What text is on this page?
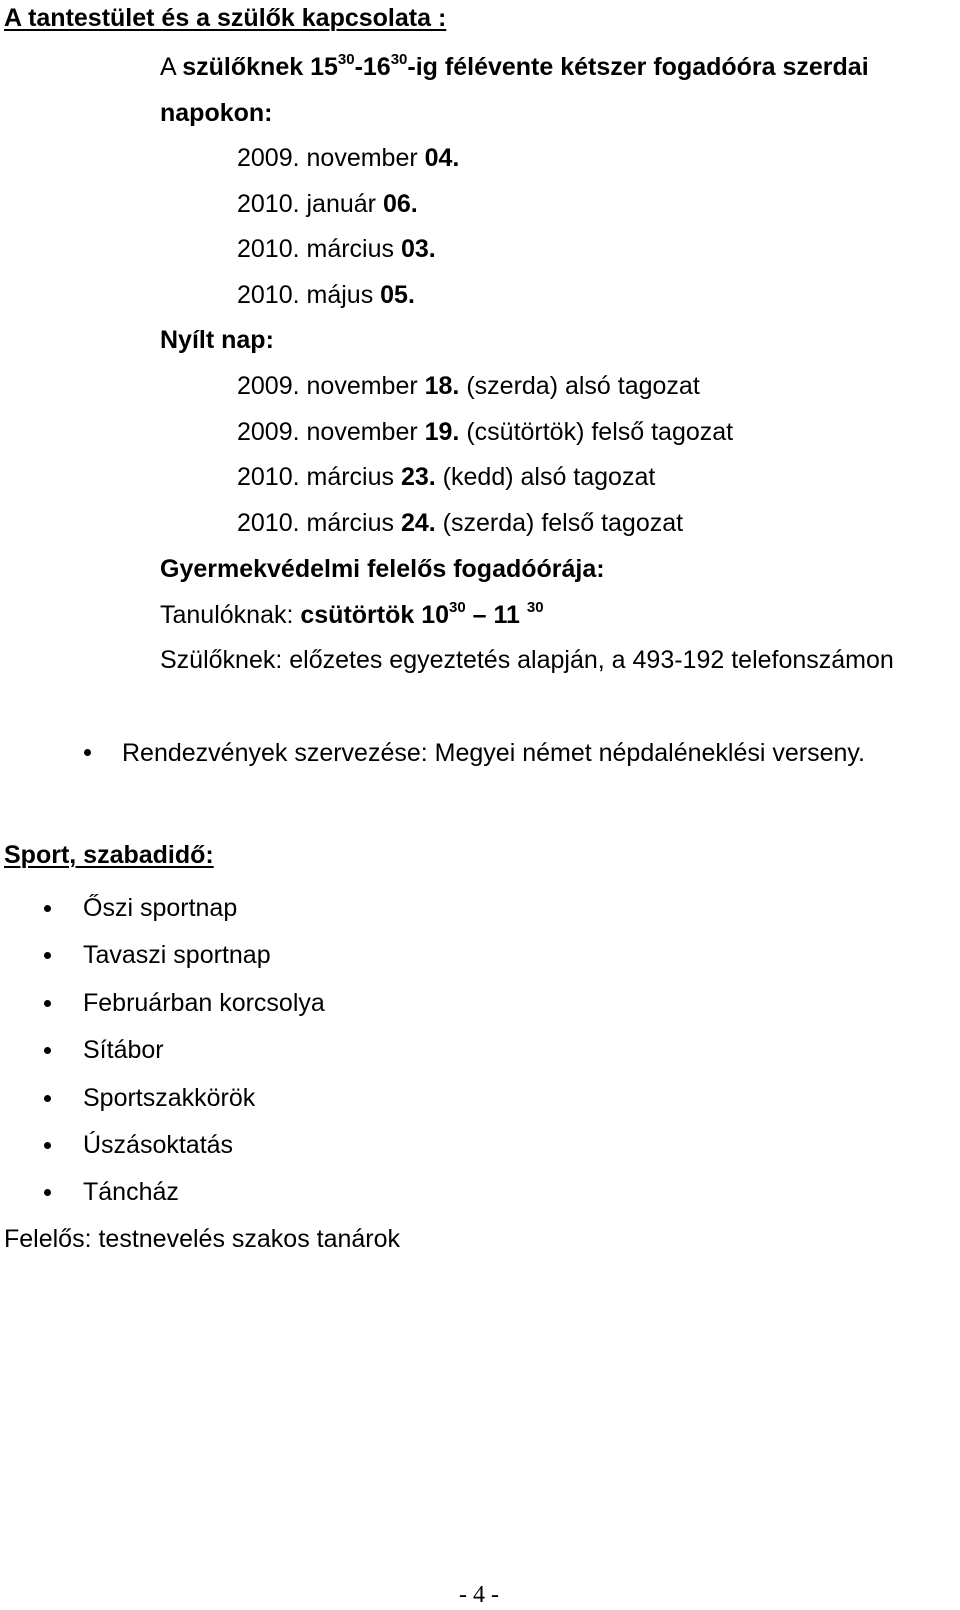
A tantestület és a szülők kapcsolata :
A szülőknek $15^{30}-16^{30}-ig$ félévente kétszer fogadóóra szerdai
napokon:
2009. november 04.
2010. január 06.
2010. március 03.
2010. május 05.
Nyílt nap:
2009. november 18. (szerda) alsó tagozat
2009. november 19. (csütörtök) felső tagozat
2010. március 23. (kedd) alsó tagozat
2010. március 24. (szerda) felső tagozat
Gyermekvédelmi felelős fogadóórája:
Tanulóknak: csütörtök $10^{30} - 11$ $^{30}$
Szülőknek: előzetes egyeztetés alapján, a 493-192 telefonszámon
Rendezvények szervezése: Megyei német népdaléneklési verseny.
Sport, szabadidő:
Őszi sportnap
Tavaszi sportnap
Februárban korcsolya
Sítábor
Sportszakkörök
Úszásoktatás
Táncház
Felelős: testnevelés szakos tanárok
- 4 -
